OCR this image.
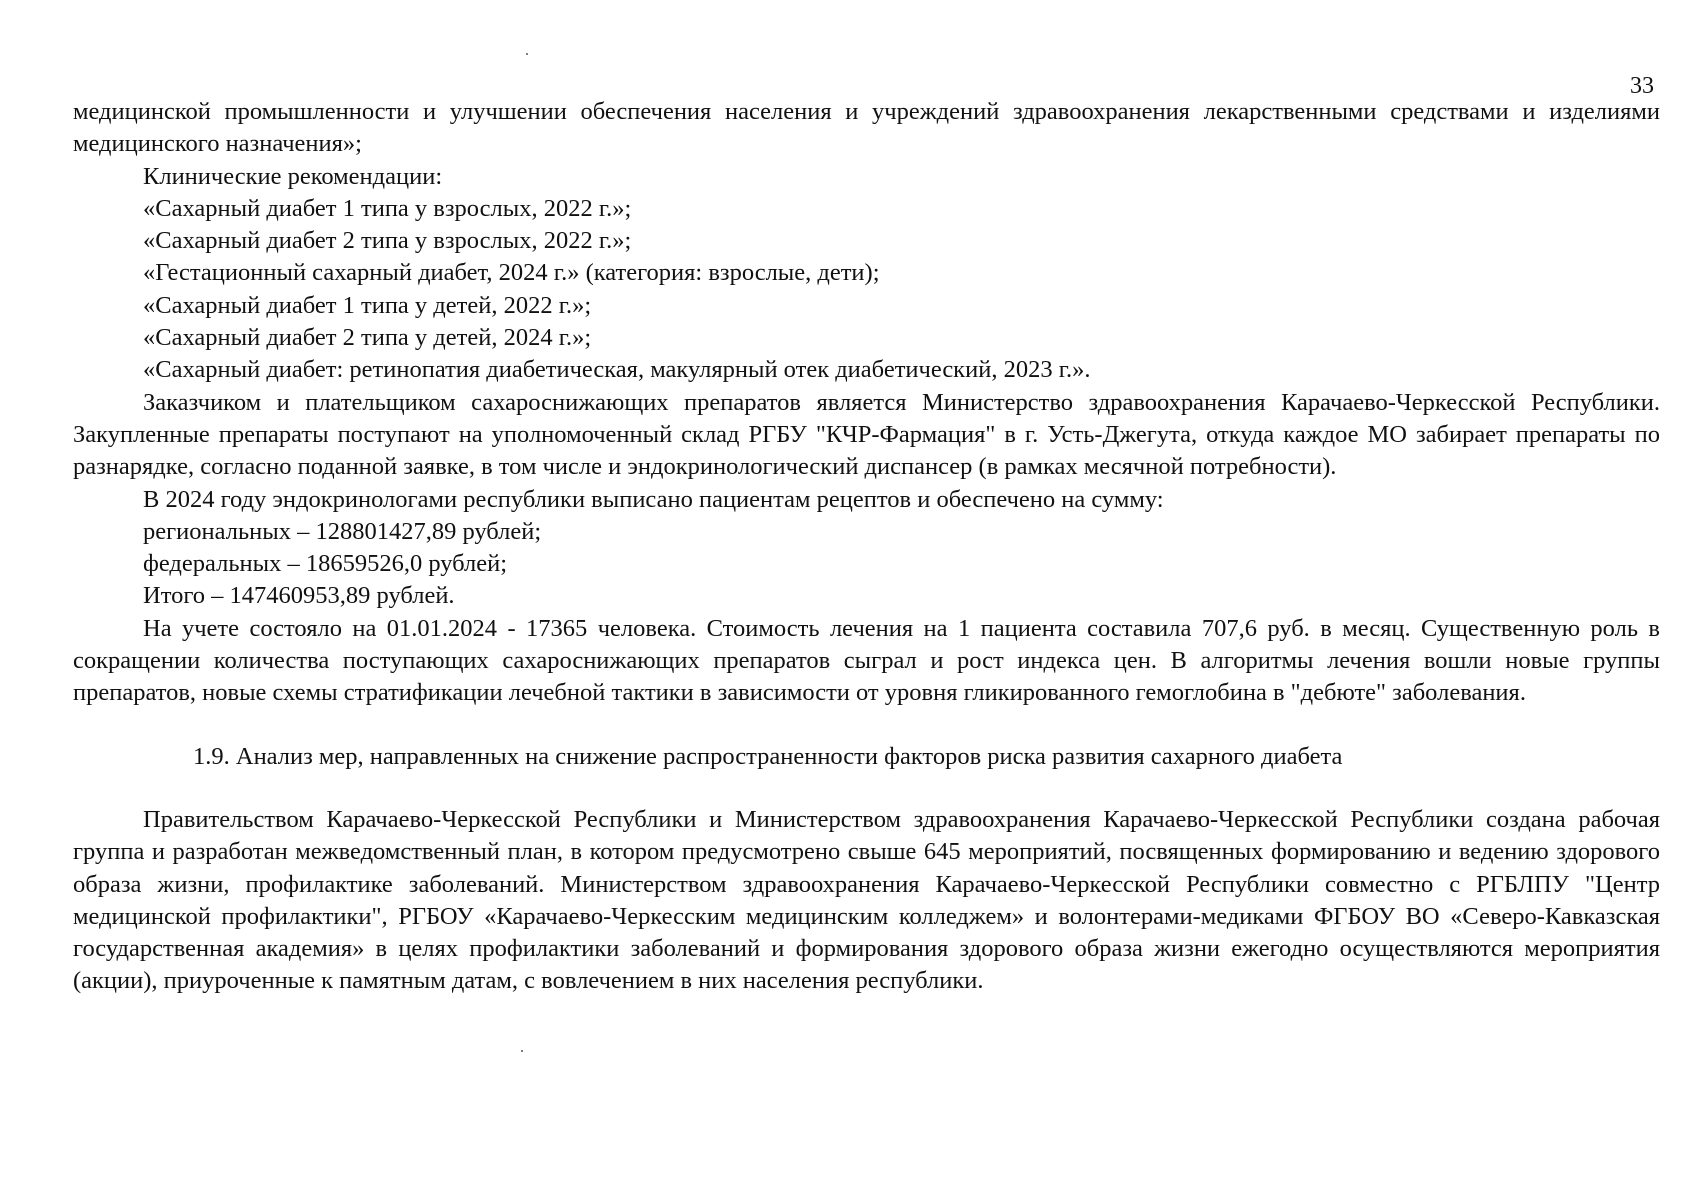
33

медицинской промышленности и улучшении обеспечения населения и учреждений здравоохранения лекарственными средствами и изделиями медицинского назначения»;

Клинические рекомендации:

«Сахарный диабет 1 типа у взрослых, 2022 г.»;

«Сахарный диабет 2 типа у взрослых, 2022 г.»;

«Гестационный сахарный диабет, 2024 г.» (категория: взрослые, дети);

«Сахарный диабет 1 типа у детей, 2022 г.»;

«Сахарный диабет 2 типа у детей, 2024 г.»;

«Сахарный диабет: ретинопатия диабетическая, макулярный отек диабетический, 2023 г.».

Заказчиком и плательщиком сахароснижающих препаратов является Министерство здравоохранения Карачаево-Черкесской Республики. Закупленные препараты поступают на уполномоченный склад РГБУ "КЧР-Фармация" в г. Усть-Джегута, откуда каждое МО забирает препараты по разнарядке, согласно поданной заявке, в том числе и эндокринологический диспансер (в рамках месячной потребности).

В 2024 году эндокринологами республики выписано пациентам рецептов и обеспечено на сумму:

региональных – 128801427,89 рублей;

федеральных – 18659526,0 рублей;

Итого – 147460953,89 рублей.

На учете состояло на 01.01.2024 - 17365 человека. Стоимость лечения на 1 пациента составила 707,6 руб. в месяц. Существенную роль в сокращении количества поступающих сахароснижающих препаратов сыграл и рост индекса цен. В алгоритмы лечения вошли новые группы препаратов, новые схемы стратификации лечебной тактики в зависимости от уровня гликированного гемоглобина в "дебюте" заболевания.

1.9. Анализ мер, направленных на снижение распространенности факторов риска развития сахарного диабета

Правительством Карачаево-Черкесской Республики и Министерством здравоохранения Карачаево-Черкесской Республики создана рабочая группа и разработан межведомственный план, в котором предусмотрено свыше 645 мероприятий, посвященных формированию и ведению здорового образа жизни, профилактике заболеваний. Министерством здравоохранения Карачаево-Черкесской Республики совместно с РГБЛПУ "Центр медицинской профилактики", РГБОУ «Карачаево-Черкесским медицинским колледжем» и волонтерами-медиками ФГБОУ ВО «Северо-Кавказская государственная академия» в целях профилактики заболеваний и формирования здорового образа жизни ежегодно осуществляются мероприятия (акции), приуроченные к памятным датам, с вовлечением в них населения республики.
